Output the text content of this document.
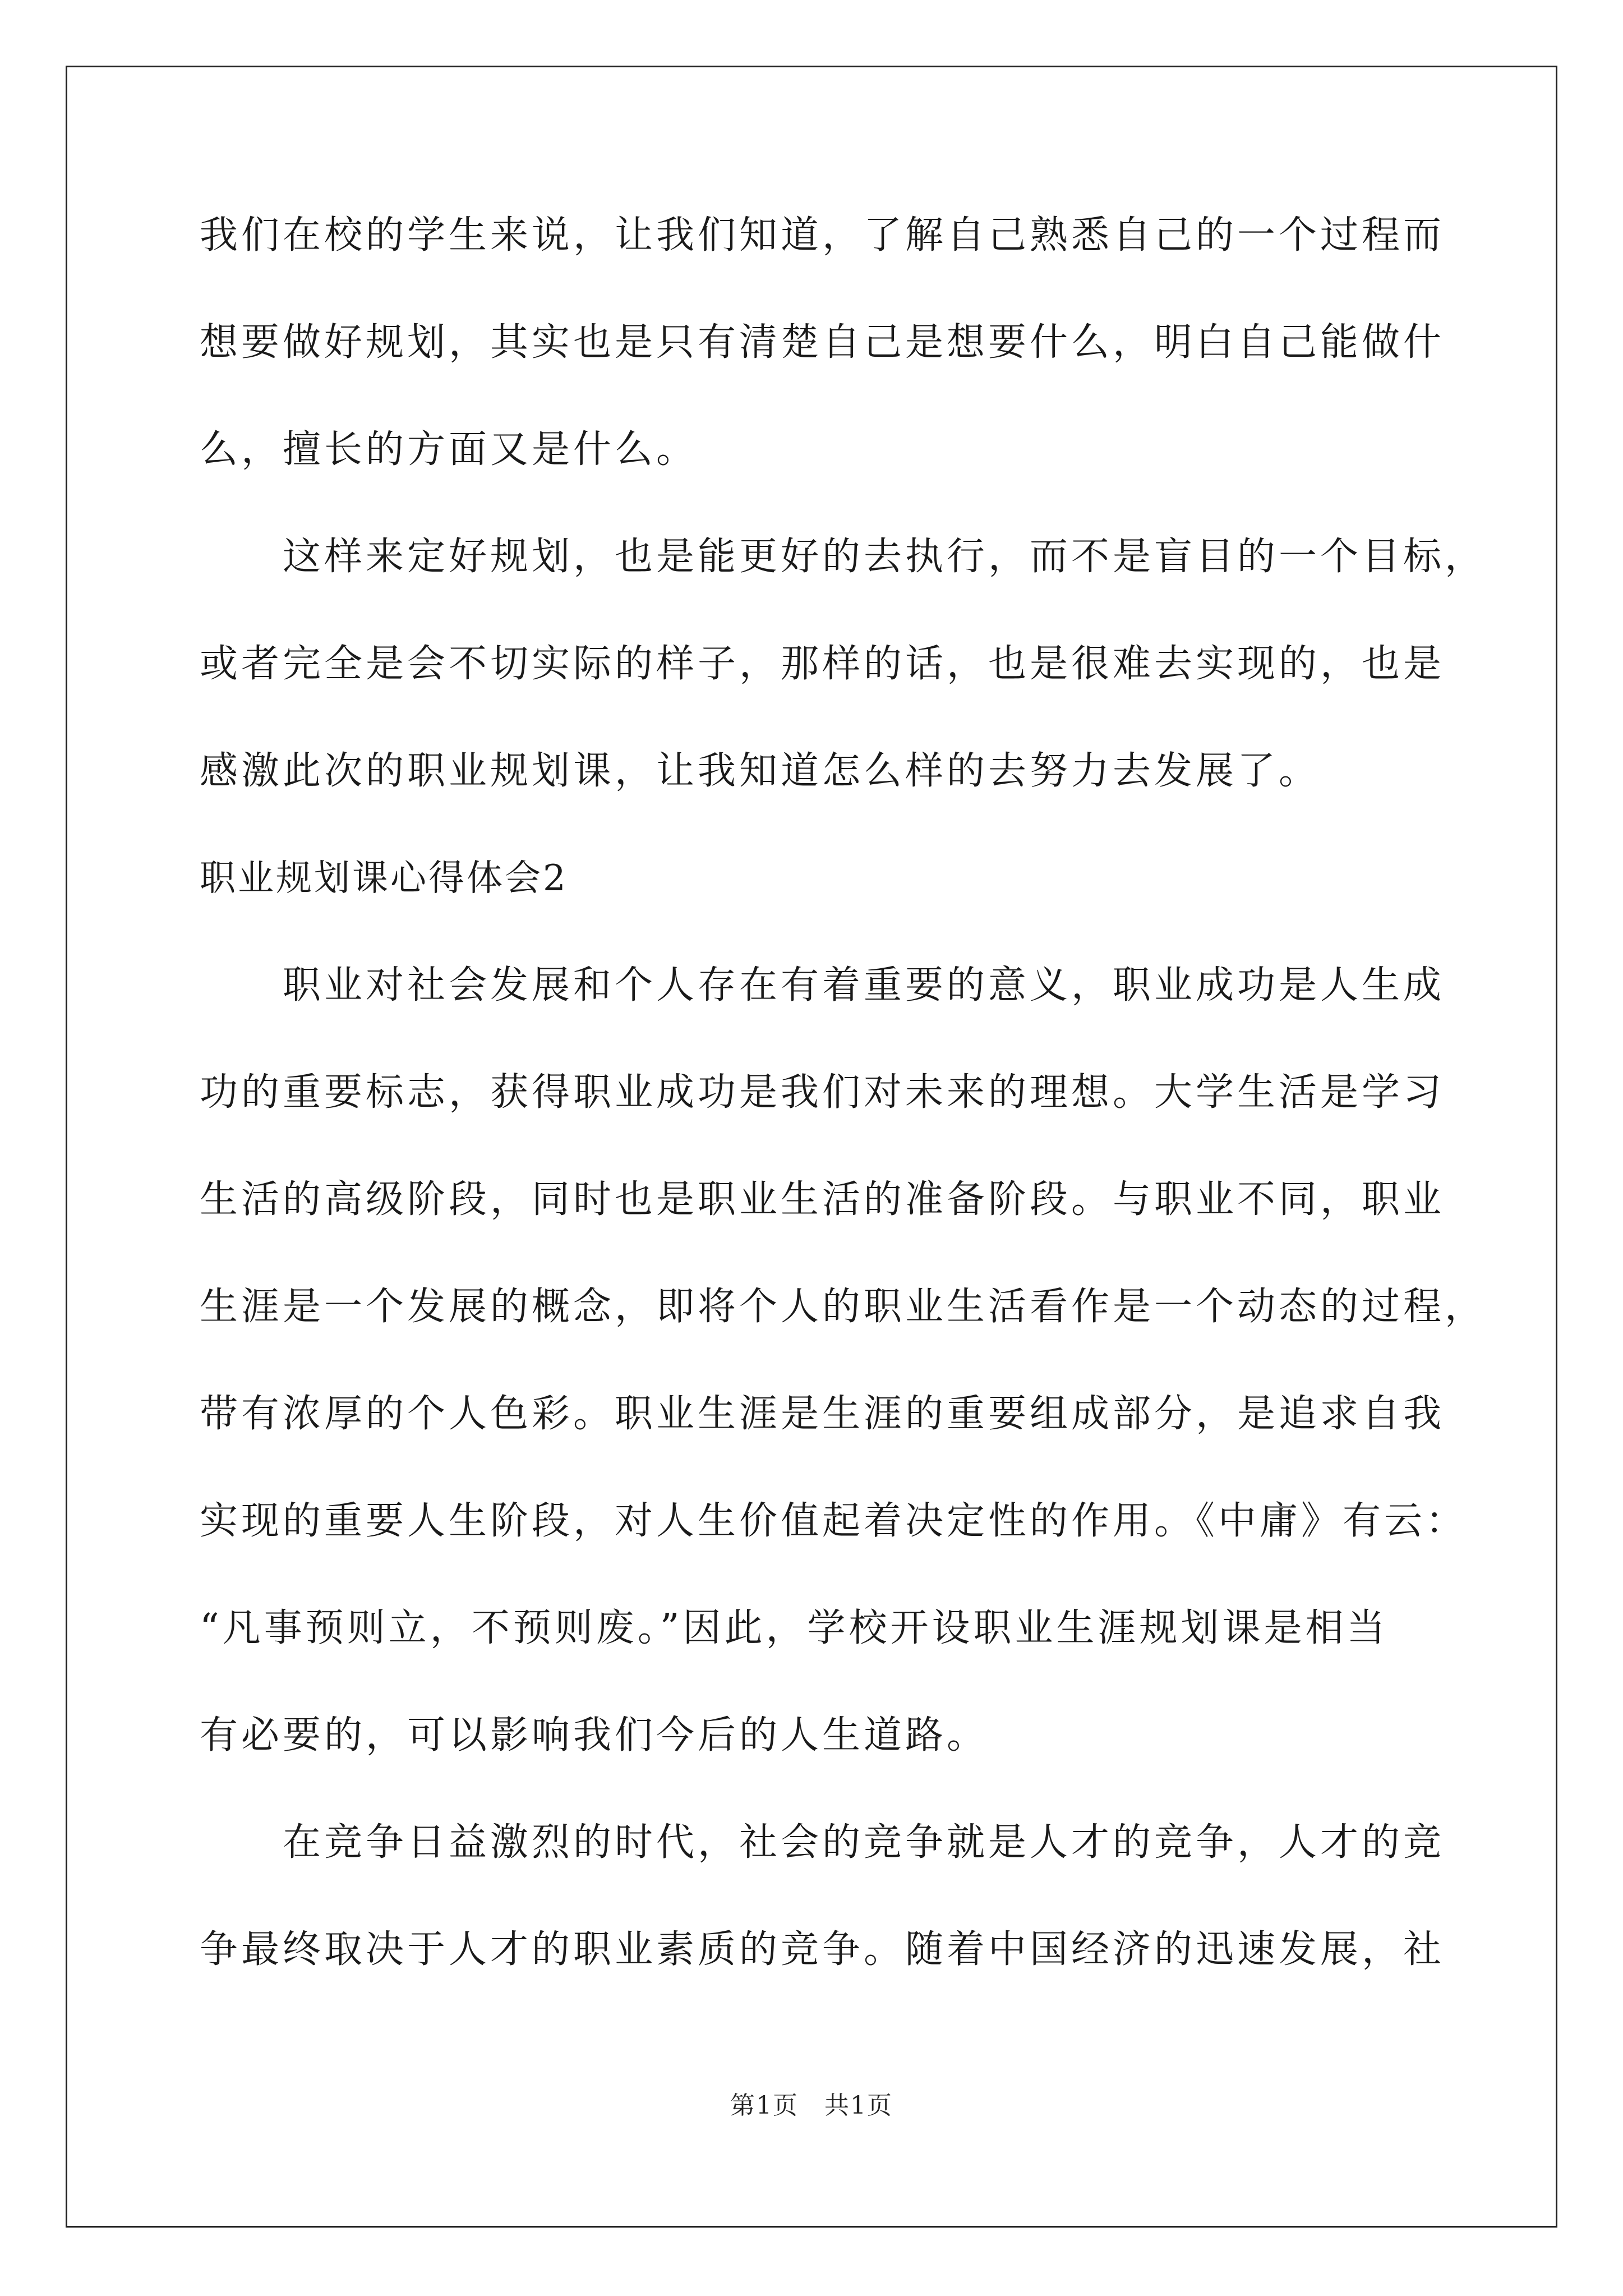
我们在校的学生来说，让我们知道，了解自己熟悉自己的一个过程而
想要做好规划，其实也是只有清楚自己是想要什么，明白自己能做什
么，擅长的方面又是什么。
这样来定好规划，也是能更好的去执行，而不是盲目的一个目标，
或者完全是会不切实际的样子，那样的话，也是很难去实现的，也是
感激此次的职业规划课，让我知道怎么样的去努力去发展了。
职业规划课心得体会2
职业对社会发展和个人存在有着重要的意义，职业成功是人生成
功的重要标志，获得职业成功是我们对未来的理想。大学生活是学习
生活的高级阶段，同时也是职业生活的准备阶段。与职业不同，职业
生涯是一个发展的概念，即将个人的职业生活看作是一个动态的过程，
带有浓厚的个人色彩。职业生涯是生涯的重要组成部分，是追求自我
实现的重要人生阶段，对人生价值起着决定性的作用。《中庸》有云：
“凡事预则立，不预则废。”因此，学校开设职业生涯规划课是相当
有必要的，可以影响我们今后的人生道路。
在竞争日益激烈的时代，社会的竞争就是人才的竞争，人才的竞
争最终取决于人才的职业素质的竞争。随着中国经济的迅速发展，社
第1页　共1页
